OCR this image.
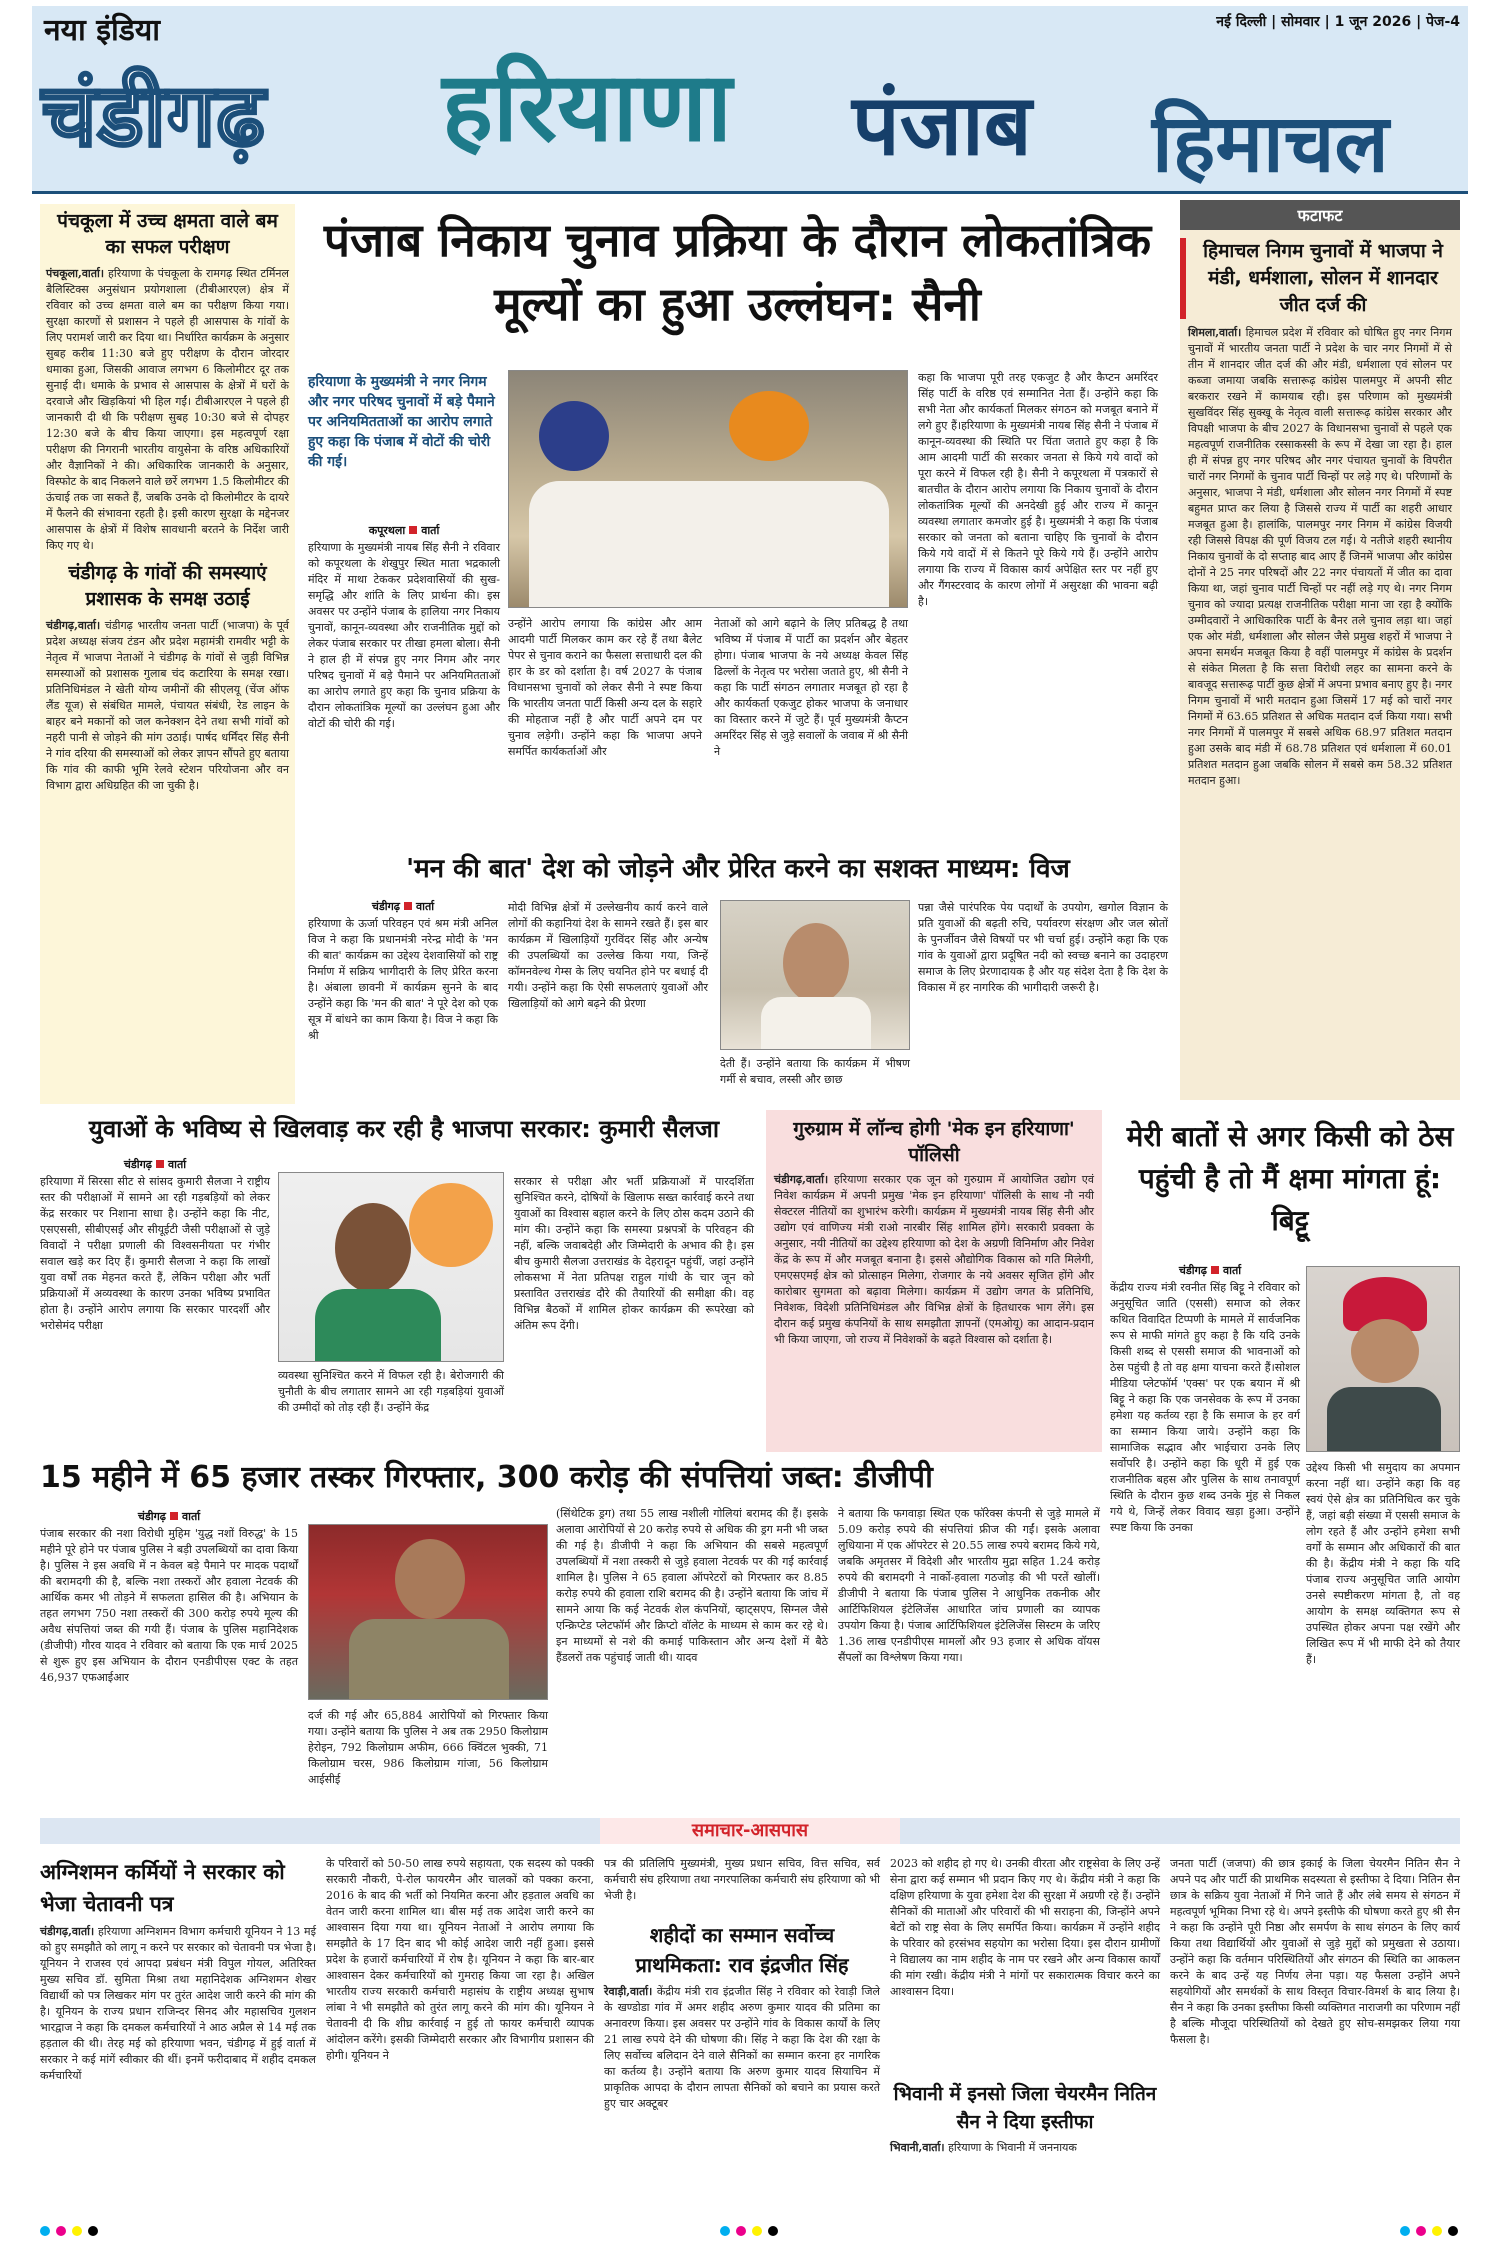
नया इंडिया
चंडीगढ़
नई दिल्ली | सोमवार | 1 जून 2026 | पेज-4
हरियाणा पंजाब हिमाचल
पंचकूला में उच्च क्षमता वाले बम का सफल परीक्षण

पंचकूला,वार्ता। हरियाणा के पंचकूला के रामगढ़ स्थित टर्मिनल बैलिस्टिक्स अनुसंधान प्रयोगशाला (टीबीआरएल) क्षेत्र में रविवार को उच्च क्षमता वाले बम का परीक्षण किया गया। सुरक्षा कारणों से प्रशासन ने पहले ही आसपास के गांवों के लिए परामर्श जारी कर दिया था। निर्धारित कार्यक्रम के अनुसार सुबह करीब 11:30 बजे हुए परीक्षण के दौरान जोरदार धमाका हुआ, जिसकी आवाज लगभग 6 किलोमीटर दूर तक सुनाई दी। धमाके के प्रभाव से आसपास के क्षेत्रों में घरों के दरवाजे और खिड़कियां भी हिल गईं। टीबीआरएल ने पहले ही जानकारी दी थी कि परीक्षण सुबह 10:30 बजे से दोपहर 12:30 बजे के बीच किया जाएगा। इस महत्वपूर्ण रक्षा परीक्षण की निगरानी भारतीय वायुसेना के वरिष्ठ अधिकारियों और वैज्ञानिकों ने की। अधिकारिक जानकारी के अनुसार, विस्फोट के बाद निकलने वाले छर्रे लगभग 1.5 किलोमीटर की ऊंचाई तक जा सकते हैं, जबकि उनके दो किलोमीटर के दायरे में फैलने की संभावना रहती है। इसी कारण सुरक्षा के मद्देनजर आसपास के क्षेत्रों में विशेष सावधानी बरतने के निर्देश जारी किए गए थे।

चंडीगढ़ के गांवों की समस्याएं प्रशासक के समक्ष उठाई

चंडीगढ़,वार्ता। चंडीगढ़ भारतीय जनता पार्टी (भाजपा) के पूर्व प्रदेश अध्यक्ष संजय टंडन और प्रदेश महामंत्री रामवीर भट्टी के नेतृत्व में भाजपा नेताओं ने चंडीगढ़ के गांवों से जुड़ी विभिन्न समस्याओं को प्रशासक गुलाब चंद कटारिया के समक्ष रखा। प्रतिनिधिमंडल ने खेती योग्य जमीनों की सीएलयू (चेंज ऑफ लैंड यूज) से संबंधित मामले, पंचायत संबंधी, रेड लाइन के बाहर बने मकानों को जल कनेक्शन देने तथा सभी गांवों को नहरी पानी से जोड़ने की मांग उठाई। पार्षद धर्मिंदर सिंह सैनी ने गांव दरिया की समस्याओं को लेकर ज्ञापन सौंपते हुए बताया कि गांव की काफी भूमि रेलवे स्टेशन परियोजना और वन विभाग द्वारा अधिग्रहित की जा चुकी है।

पंजाब निकाय चुनाव प्रक्रिया के दौरान लोकतांत्रिक मूल्यों का हुआ उल्लंघन: सैनी
हरियाणा के मुख्यमंत्री ने नगर निगम और नगर परिषद चुनावों में बड़े पैमाने पर अनियमितताओं का आरोप लगाते हुए कहा कि पंजाब में वोटों की चोरी की गई।
कपूरथला वार्ता

हरियाणा के मुख्यमंत्री नायब सिंह सैनी ने रविवार को कपूरथला के शेखुपुर स्थित माता भद्रकाली मंदिर में माथा टेककर प्रदेशवासियों की सुख-समृद्धि और शांति के लिए प्रार्थना की। इस अवसर पर उन्होंने पंजाब के हालिया नगर निकाय चुनावों, कानून-व्यवस्था और राजनीतिक मुद्दों को लेकर पंजाब सरकार पर तीखा हमला बोला। सैनी ने हाल ही में संपन्न हुए नगर निगम और नगर परिषद चुनावों में बड़े पैमाने पर अनियमितताओं का आरोप लगाते हुए कहा कि चुनाव प्रक्रिया के दौरान लोकतांत्रिक मूल्यों का उल्लंघन हुआ और वोटों की चोरी की गई।

उन्होंने आरोप लगाया कि कांग्रेस और आम आदमी पार्टी मिलकर काम कर रहे हैं तथा बैलेट पेपर से चुनाव कराने का फैसला सत्ताधारी दल की हार के डर को दर्शाता है। वर्ष 2027 के पंजाब विधानसभा चुनावों को लेकर सैनी ने स्पष्ट किया कि भारतीय जनता पार्टी किसी अन्य दल के सहारे की मोहताज नहीं है और पार्टी अपने दम पर चुनाव लड़ेगी। उन्होंने कहा कि भाजपा अपने समर्पित कार्यकर्ताओं और

नेताओं को आगे बढ़ाने के लिए प्रतिबद्ध है तथा भविष्य में पंजाब में पार्टी का प्रदर्शन और बेहतर होगा। पंजाब भाजपा के नये अध्यक्ष केवल सिंह ढिल्लों के नेतृत्व पर भरोसा जताते हुए, श्री सैनी ने कहा कि पार्टी संगठन लगातार मजबूत हो रहा है और कार्यकर्ता एकजुट होकर भाजपा के जनाधार का विस्तार करने में जुटे हैं। पूर्व मुख्यमंत्री कैप्टन अमरिंदर सिंह से जुड़े सवालों के जवाब में श्री सैनी ने

कहा कि भाजपा पूरी तरह एकजुट है और कैप्टन अमरिंदर सिंह पार्टी के वरिष्ठ एवं सम्मानित नेता हैं। उन्होंने कहा कि सभी नेता और कार्यकर्ता मिलकर संगठन को मजबूत बनाने में लगे हुए हैं।हरियाणा के मुख्यमंत्री नायब सिंह सैनी ने पंजाब में कानून-व्यवस्था की स्थिति पर चिंता जताते हुए कहा है कि आम आदमी पार्टी की सरकार जनता से किये गये वादों को पूरा करने में विफल रही है। सैनी ने कपूरथला में पत्रकारों से बातचीत के दौरान आरोप लगाया कि निकाय चुनावों के दौरान लोकतांत्रिक मूल्यों की अनदेखी हुई और राज्य में कानून व्यवस्था लगातार कमजोर हुई है। मुख्यमंत्री ने कहा कि पंजाब सरकार को जनता को बताना चाहिए कि चुनावों के दौरान किये गये वादों में से कितने पूरे किये गये हैं। उन्होंने आरोप लगाया कि राज्य में विकास कार्य अपेक्षित स्तर पर नहीं हुए और गैंगस्टरवाद के कारण लोगों में असुरक्षा की भावना बढ़ी है।

फटाफट
हिमाचल निगम चुनावों में भाजपा ने मंडी, धर्मशाला, सोलन में शानदार जीत दर्ज की

शिमला,वार्ता। हिमाचल प्रदेश में रविवार को घोषित हुए नगर निगम चुनावों में भारतीय जनता पार्टी ने प्रदेश के चार नगर निगमों में से तीन में शानदार जीत दर्ज की और मंडी, धर्मशाला एवं सोलन पर कब्जा जमाया जबकि सत्तारूढ़ कांग्रेस पालमपुर में अपनी सीट बरकरार रखने में कामयाब रही। इस परिणाम को मुख्यमंत्री सुखविंदर सिंह सुक्खू के नेतृत्व वाली सत्तारूढ़ कांग्रेस सरकार और विपक्षी भाजपा के बीच 2027 के विधानसभा चुनावों से पहले एक महत्वपूर्ण राजनीतिक रस्साकस्सी के रूप में देखा जा रहा है। हाल ही में संपन्न हुए नगर परिषद और नगर पंचायत चुनावों के विपरीत चारों नगर निगमों के चुनाव पार्टी चिन्हों पर लड़े गए थे। परिणामों के अनुसार, भाजपा ने मंडी, धर्मशाला और सोलन नगर निगमों में स्पष्ट बहुमत प्राप्त कर लिया है जिससे राज्य में पार्टी का शहरी आधार मजबूत हुआ है। हालांकि, पालमपुर नगर निगम में कांग्रेस विजयी रही जिससे विपक्ष की पूर्ण विजय टल गई। ये नतीजे शहरी स्थानीय निकाय चुनावों के दो सप्ताह बाद आए हैं जिनमें भाजपा और कांग्रेस दोनों ने 25 नगर परिषदों और 22 नगर पंचायतों में जीत का दावा किया था, जहां चुनाव पार्टी चिन्हों पर नहीं लड़े गए थे। नगर निगम चुनाव को ज्यादा प्रत्यक्ष राजनीतिक परीक्षा माना जा रहा है क्योंकि उम्मीदवारों ने आधिकारिक पार्टी के बैनर तले चुनाव लड़ा था। जहां एक ओर मंडी, धर्मशाला और सोलन जैसे प्रमुख शहरों में भाजपा ने अपना समर्थन मजबूत किया है वहीं पालमपुर में कांग्रेस के प्रदर्शन से संकेत मिलता है कि सत्ता विरोधी लहर का सामना करने के बावजूद सत्तारूढ़ पार्टी कुछ क्षेत्रों में अपना प्रभाव बनाए हुए है। नगर निगम चुनावों में भारी मतदान हुआ जिसमें 17 मई को चारों नगर निगमों में 63.65 प्रतिशत से अधिक मतदान दर्ज किया गया। सभी नगर निगमों में पालमपुर में सबसे अधिक 68.97 प्रतिशत मतदान हुआ उसके बाद मंडी में 68.78 प्रतिशत एवं धर्मशाला में 60.01 प्रतिशत मतदान हुआ जबकि सोलन में सबसे कम 58.32 प्रतिशत मतदान हुआ।

'मन की बात' देश को जोड़ने और प्रेरित करने का सशक्त माध्यम: विज
चंडीगढ़ वार्ता

हरियाणा के ऊर्जा परिवहन एवं श्रम मंत्री अनिल विज ने कहा कि प्रधानमंत्री नरेन्द्र मोदी के 'मन की बात' कार्यक्रम का उद्देश्य देशवासियों को राष्ट्र निर्माण में सक्रिय भागीदारी के लिए प्रेरित करना है। अंबाला छावनी में कार्यक्रम सुनने के बाद उन्होंने कहा कि 'मन की बात' ने पूरे देश को एक सूत्र में बांधने का काम किया है। विज ने कहा कि श्री

मोदी विभिन्न क्षेत्रों में उल्लेखनीय कार्य करने वाले लोगों की कहानियां देश के सामने रखते हैं। इस बार कार्यक्रम में खिलाड़ियों गुरविंदर सिंह और अन्येष की उपलब्धियों का उल्लेख किया गया, जिन्हें कॉमनवेल्थ गेम्स के लिए चयनित होने पर बधाई दी गयी। उन्होंने कहा कि ऐसी सफलताएं युवाओं और खिलाड़ियों को आगे बढ़ने की प्रेरणा

देती हैं। उन्होंने बताया कि कार्यक्रम में भीषण गर्मी से बचाव, लस्सी और छाछ

पन्ना जैसे पारंपरिक पेय पदार्थों के उपयोग, खगोल विज्ञान के प्रति युवाओं की बढ़ती रुचि, पर्यावरण संरक्षण और जल स्रोतों के पुनर्जीवन जैसे विषयों पर भी चर्चा हुई। उन्होंने कहा कि एक गांव के युवाओं द्वारा प्रदूषित नदी को स्वच्छ बनाने का उदाहरण समाज के लिए प्रेरणादायक है और यह संदेश देता है कि देश के विकास में हर नागरिक की भागीदारी जरूरी है।

युवाओं के भविष्य से खिलवाड़ कर रही है भाजपा सरकार: कुमारी सैलजा
चंडीगढ़ वार्ता

हरियाणा में सिरसा सीट से सांसद कुमारी सैलजा ने राष्ट्रीय स्तर की परीक्षाओं में सामने आ रही गड़बड़ियों को लेकर केंद्र सरकार पर निशाना साधा है। उन्होंने कहा कि नीट, एसएससी, सीबीएसई और सीयूईटी जैसी परीक्षाओं से जुड़े विवादों ने परीक्षा प्रणाली की विश्वसनीयता पर गंभीर सवाल खड़े कर दिए हैं। कुमारी सैलजा ने कहा कि लाखों युवा वर्षों तक मेहनत करते हैं, लेकिन परीक्षा और भर्ती प्रक्रियाओं में अव्यवस्था के कारण उनका भविष्य प्रभावित होता है। उन्होंने आरोप लगाया कि सरकार पारदर्शी और भरोसेमंद परीक्षा

व्यवस्था सुनिश्चित करने में विफल रही है। बेरोजगारी की चुनौती के बीच लगातार सामने आ रही गड़बड़ियां युवाओं की उम्मीदों को तोड़ रही हैं। उन्होंने केंद्र

सरकार से परीक्षा और भर्ती प्रक्रियाओं में पारदर्शिता सुनिश्चित करने, दोषियों के खिलाफ सख्त कार्रवाई करने तथा युवाओं का विश्वास बहाल करने के लिए ठोस कदम उठाने की मांग की। उन्होंने कहा कि समस्या प्रश्नपत्रों के परिवहन की नहीं, बल्कि जवाबदेही और जिम्मेदारी के अभाव की है। इस बीच कुमारी सैलजा उत्तराखंड के देहरादून पहुंचीं, जहां उन्होंने लोकसभा में नेता प्रतिपक्ष राहुल गांधी के चार जून को प्रस्तावित उत्तराखंड दौरे की तैयारियों की समीक्षा की। वह विभिन्न बैठकों में शामिल होकर कार्यक्रम की रूपरेखा को अंतिम रूप देंगी।

गुरुग्राम में लॉन्च होगी 'मेक इन हरियाणा' पॉलिसी

चंडीगढ़,वार्ता। हरियाणा सरकार एक जून को गुरुग्राम में आयोजित उद्योग एवं निवेश कार्यक्रम में अपनी प्रमुख 'मेक इन हरियाणा' पॉलिसी के साथ नौ नयी सेक्टरल नीतियों का शुभारंभ करेगी। कार्यक्रम में मुख्यमंत्री नायब सिंह सैनी और उद्योग एवं वाणिज्य मंत्री राओ नारबीर सिंह शामिल होंगे। सरकारी प्रवक्ता के अनुसार, नयी नीतियों का उद्देश्य हरियाणा को देश के अग्रणी विनिर्माण और निवेश केंद्र के रूप में और मजबूत बनाना है। इससे औद्योगिक विकास को गति मिलेगी, एमएसएमई क्षेत्र को प्रोत्साहन मिलेगा, रोजगार के नये अवसर सृजित होंगे और कारोबार सुगमता को बढ़ावा मिलेगा। कार्यक्रम में उद्योग जगत के प्रतिनिधि, निवेशक, विदेशी प्रतिनिधिमंडल और विभिन्न क्षेत्रों के हितधारक भाग लेंगे। इस दौरान कई प्रमुख कंपनियों के साथ समझौता ज्ञापनों (एमओयू) का आदान-प्रदान भी किया जाएगा, जो राज्य में निवेशकों के बढ़ते विश्वास को दर्शाता है।

मेरी बातों से अगर किसी को ठेस पहुंची है तो मैं क्षमा मांगता हूं: बिट्टू
चंडीगढ़ वार्ता

केंद्रीय राज्य मंत्री रवनीत सिंह बिट्टू ने रविवार को अनुसूचित जाति (एससी) समाज को लेकर कथित विवादित टिप्पणी के मामले में सार्वजनिक रूप से माफी मांगते हुए कहा है कि यदि उनके किसी शब्द से एससी समाज की भावनाओं को ठेस पहुंची है तो वह क्षमा याचना करते हैं।सोशल मीडिया प्लेटफॉर्म 'एक्स' पर एक बयान में श्री बिट्टू ने कहा कि एक जनसेवक के रूप में उनका हमेशा यह कर्तव्य रहा है कि समाज के हर वर्ग का सम्मान किया जाये। उन्होंने कहा कि सामाजिक सद्भाव और भाईचारा उनके लिए सर्वोपरि है। उन्होंने कहा कि धूरी में हुई एक राजनीतिक बहस और पुलिस के साथ तनावपूर्ण स्थिति के दौरान कुछ शब्द उनके मुंह से निकल गये थे, जिन्हें लेकर विवाद खड़ा हुआ। उन्होंने स्पष्ट किया कि उनका

उद्देश्य किसी भी समुदाय का अपमान करना नहीं था। उन्होंने कहा कि वह स्वयं ऐसे क्षेत्र का प्रतिनिधित्व कर चुके हैं, जहां बड़ी संख्या में एससी समाज के लोग रहते हैं और उन्होंने हमेशा सभी वर्गों के सम्मान और अधिकारों की बात की है। केंद्रीय मंत्री ने कहा कि यदि पंजाब राज्य अनुसूचित जाति आयोग उनसे स्पष्टीकरण मांगता है, तो वह आयोग के समक्ष व्यक्तिगत रूप से उपस्थित होकर अपना पक्ष रखेंगे और लिखित रूप में भी माफी देने को तैयार हैं।

15 महीने में 65 हजार तस्कर गिरफ्तार, 300 करोड़ की संपत्तियां जब्त: डीजीपी
चंडीगढ़ वार्ता

पंजाब सरकार की नशा विरोधी मुहिम 'युद्ध नशों विरुद्ध' के 15 महीने पूरे होने पर पंजाब पुलिस ने बड़ी उपलब्धियों का दावा किया है। पुलिस ने इस अवधि में न केवल बड़े पैमाने पर मादक पदार्थों की बरामदगी की है, बल्कि नशा तस्करों और हवाला नेटवर्क की आर्थिक कमर भी तोड़ने में सफलता हासिल की है। अभियान के तहत लगभग 750 नशा तस्करों की 300 करोड़ रुपये मूल्य की अवैध संपत्तियां जब्त की गयी हैं। पंजाब के पुलिस महानिदेशक (डीजीपी) गौरव यादव ने रविवार को बताया कि एक मार्च 2025 से शुरू हुए इस अभियान के दौरान एनडीपीएस एक्ट के तहत 46,937 एफआईआर

दर्ज की गई और 65,884 आरोपियों को गिरफ्तार किया गया। उन्होंने बताया कि पुलिस ने अब तक 2950 किलोग्राम हेरोइन, 792 किलोग्राम अफीम, 666 क्विंटल भुक्की, 71 किलोग्राम चरस, 986 किलोग्राम गांजा, 56 किलोग्राम आईसीई

(सिंथेटिक ड्रग) तथा 55 लाख नशीली गोलियां बरामद की हैं। इसके अलावा आरोपियों से 20 करोड़ रुपये से अधिक की ड्रग मनी भी जब्त की गई है। डीजीपी ने कहा कि अभियान की सबसे महत्वपूर्ण उपलब्धियों में नशा तस्करी से जुड़े हवाला नेटवर्क पर की गई कार्रवाई शामिल है। पुलिस ने 65 हवाला ऑपरेटरों को गिरफ्तार कर 8.85 करोड़ रुपये की हवाला राशि बरामद की है। उन्होंने बताया कि जांच में सामने आया कि कई नेटवर्क शेल कंपनियों, व्हाट्सएप, सिग्नल जैसे एन्क्रिप्टेड प्लेटफॉर्म और क्रिप्टो वॉलेट के माध्यम से काम कर रहे थे। इन माध्यमों से नशे की कमाई पाकिस्तान और अन्य देशों में बैठे हैंडलरों तक पहुंचाई जाती थी। यादव

ने बताया कि फगवाड़ा स्थित एक फॉरेक्स कंपनी से जुड़े मामले में 5.09 करोड़ रुपये की संपत्तियां फ्रीज की गईं। इसके अलावा लुधियाना में एक ऑपरेटर से 20.55 लाख रुपये बरामद किये गये, जबकि अमृतसर में विदेशी और भारतीय मुद्रा सहित 1.24 करोड़ रुपये की बरामदगी ने नार्को-हवाला गठजोड़ की भी परतें खोलीं। डीजीपी ने बताया कि पंजाब पुलिस ने आधुनिक तकनीक और आर्टिफिशियल इंटेलिजेंस आधारित जांच प्रणाली का व्यापक उपयोग किया है। पंजाब आर्टिफिशियल इंटेलिजेंस सिस्टम के जरिए 1.36 लाख एनडीपीएस मामलों और 93 हजार से अधिक वॉयस सैंपलों का विश्लेषण किया गया।

समाचार-आसपास
अग्निशमन कर्मियों ने सरकार को भेजा चेतावनी पत्र

चंडीगढ़,वार्ता। हरियाणा अग्निशमन विभाग कर्मचारी यूनियन ने 13 मई को हुए समझौते को लागू न करने पर सरकार को चेतावनी पत्र भेजा है। यूनियन ने राजस्व एवं आपदा प्रबंधन मंत्री विपुल गोयल, अतिरिक्त मुख्य सचिव डॉ. सुमिता मिश्रा तथा महानिदेशक अग्निशमन शेखर विद्यार्थी को पत्र लिखकर मांग पर तुरंत आदेश जारी करने की मांग की है। यूनियन के राज्य प्रधान राजिन्दर सिनद और महासचिव गुलशन भारद्वाज ने कहा कि दमकल कर्मचारियों ने आठ अप्रैल से 14 मई तक हड़ताल की थी। तेरह मई को हरियाणा भवन, चंडीगढ़ में हुई वार्ता में सरकार ने कई मांगें स्वीकार की थीं। इनमें फरीदाबाद में शहीद दमकल कर्मचारियों

के परिवारों को 50-50 लाख रुपये सहायता, एक सदस्य को पक्की सरकारी नौकरी, पे-रोल फायरमैन और चालकों को पक्का करना, 2016 के बाद की भर्ती को नियमित करना और हड़ताल अवधि का वेतन जारी करना शामिल था। बीस मई तक आदेश जारी करने का आश्वासन दिया गया था। यूनियन नेताओं ने आरोप लगाया कि समझौते के 17 दिन बाद भी कोई आदेश जारी नहीं हुआ। इससे प्रदेश के हजारों कर्मचारियों में रोष है। यूनियन ने कहा कि बार-बार आश्वासन देकर कर्मचारियों को गुमराह किया जा रहा है। अखिल भारतीय राज्य सरकारी कर्मचारी महासंघ के राष्ट्रीय अध्यक्ष सुभाष लांबा ने भी समझौते को तुरंत लागू करने की मांग की। यूनियन ने चेतावनी दी कि शीघ्र कार्रवाई न हुई तो फायर कर्मचारी व्यापक आंदोलन करेंगे। इसकी जिम्मेदारी सरकार और विभागीय प्रशासन की होगी। यूनियन ने

पत्र की प्रतिलिपि मुख्यमंत्री, मुख्य प्रधान सचिव, वित्त सचिव, सर्व कर्मचारी संघ हरियाणा तथा नगरपालिका कर्मचारी संघ हरियाणा को भी भेजी है।

शहीदों का सम्मान सर्वोच्च प्राथमिकता: राव इंद्रजीत सिंह

रेवाड़ी,वार्ता। केंद्रीय मंत्री राव इंद्रजीत सिंह ने रविवार को रेवाड़ी जिले के खण्डोडा गांव में अमर शहीद अरुण कुमार यादव की प्रतिमा का अनावरण किया। इस अवसर पर उन्होंने गांव के विकास कार्यों के लिए 21 लाख रुपये देने की घोषणा की। सिंह ने कहा कि देश की रक्षा के लिए सर्वोच्च बलिदान देने वाले सैनिकों का सम्मान करना हर नागरिक का कर्तव्य है। उन्होंने बताया कि अरुण कुमार यादव सियाचिन में प्राकृतिक आपदा के दौरान लापता सैनिकों को बचाने का प्रयास करते हुए चार अक्टूबर

2023 को शहीद हो गए थे। उनकी वीरता और राष्ट्रसेवा के लिए उन्हें सेना द्वारा कई सम्मान भी प्रदान किए गए थे। केंद्रीय मंत्री ने कहा कि दक्षिण हरियाणा के युवा हमेशा देश की सुरक्षा में अग्रणी रहे हैं। उन्होंने सैनिकों की माताओं और परिवारों की भी सराहना की, जिन्होंने अपने बेटों को राष्ट्र सेवा के लिए समर्पित किया। कार्यक्रम में उन्होंने शहीद के परिवार को हरसंभव सहयोग का भरोसा दिया। इस दौरान ग्रामीणों ने विद्यालय का नाम शहीद के नाम पर रखने और अन्य विकास कार्यों की मांग रखी। केंद्रीय मंत्री ने मांगों पर सकारात्मक विचार करने का आश्वासन दिया।

भिवानी में इनसो जिला चेयरमैन नितिन सैन ने दिया इस्तीफा

भिवानी,वार्ता। हरियाणा के भिवानी में जननायक

जनता पार्टी (जजपा) की छात्र इकाई के जिला चेयरमैन नितिन सैन ने अपने पद और पार्टी की प्राथमिक सदस्यता से इस्तीफा दे दिया। नितिन सैन छात्र के सक्रिय युवा नेताओं में गिने जाते हैं और लंबे समय से संगठन में महत्वपूर्ण भूमिका निभा रहे थे। अपने इस्तीफे की घोषणा करते हुए श्री सैन ने कहा कि उन्होंने पूरी निष्ठा और समर्पण के साथ संगठन के लिए कार्य किया तथा विद्यार्थियों और युवाओं से जुड़े मुद्दों को प्रमुखता से उठाया। उन्होंने कहा कि वर्तमान परिस्थितियों और संगठन की स्थिति का आकलन करने के बाद उन्हें यह निर्णय लेना पड़ा। यह फैसला उन्होंने अपने सहयोगियों और समर्थकों के साथ विस्तृत विचार-विमर्श के बाद लिया है। सैन ने कहा कि उनका इस्तीफा किसी व्यक्तिगत नाराजगी का परिणाम नहीं है बल्कि मौजूदा परिस्थितियों को देखते हुए सोच-समझकर लिया गया फैसला है।
